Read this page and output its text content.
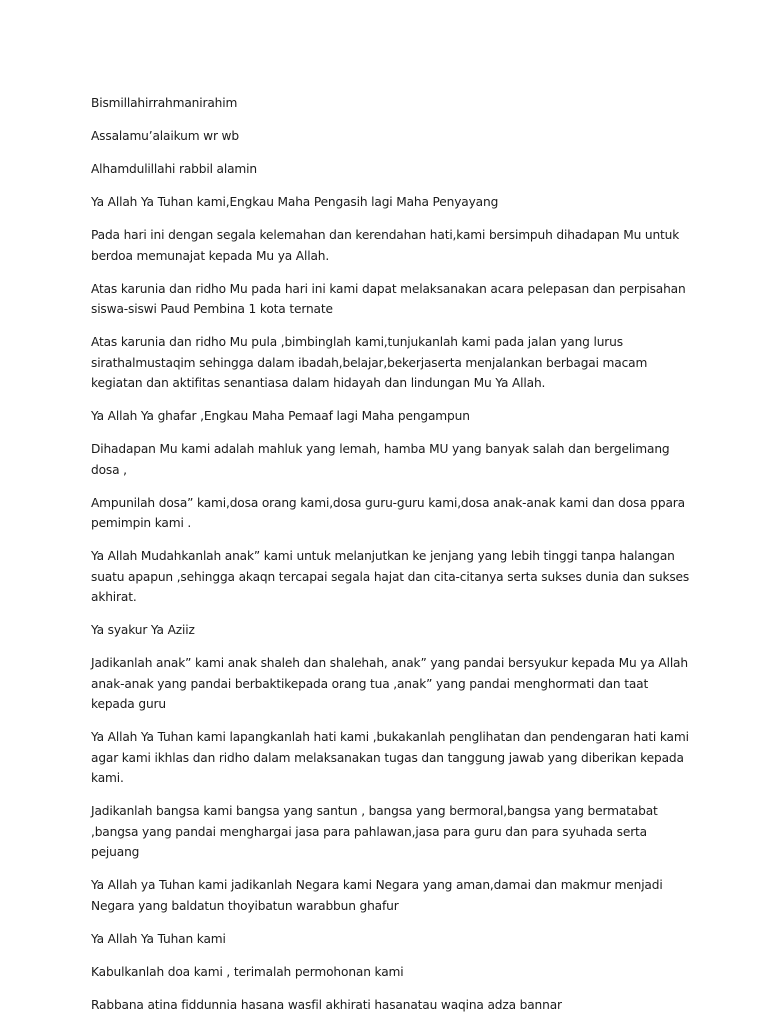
Bismillahirrahmanirahim

Assalamu’alaikum wr wb

Alhamdulillahi rabbil alamin

Ya Allah Ya Tuhan kami,Engkau Maha Pengasih lagi Maha Penyayang

Pada hari ini dengan segala kelemahan dan kerendahan hati,kami bersimpuh dihadapan Mu untuk berdoa memunajat kepada Mu ya Allah.

Atas karunia dan ridho Mu pada hari ini kami dapat melaksanakan acara pelepasan dan perpisahan siswa-siswi Paud Pembina 1 kota ternate

Atas karunia dan ridho Mu pula ,bimbinglah kami,tunjukanlah kami pada jalan yang lurus sirathalmustaqim sehingga dalam ibadah,belajar,bekerjaserta menjalankan berbagai macam kegiatan dan aktifitas senantiasa dalam hidayah dan lindungan Mu Ya Allah.

Ya Allah Ya ghafar ,Engkau Maha Pemaaf lagi Maha pengampun

Dihadapan Mu kami adalah mahluk yang lemah, hamba MU yang banyak salah dan bergelimang dosa ,

Ampunilah dosa” kami,dosa orang kami,dosa guru-guru kami,dosa anak-anak kami dan dosa ppara pemimpin kami .

Ya Allah Mudahkanlah anak” kami untuk melanjutkan ke jenjang yang lebih tinggi tanpa halangan suatu apapun ,sehingga akaqn tercapai segala hajat dan cita-citanya serta sukses dunia dan sukses akhirat.

Ya syakur Ya Aziiz

Jadikanlah anak” kami anak shaleh dan shalehah, anak” yang pandai bersyukur kepada Mu ya Allah anak-anak yang pandai berbaktikepada orang tua ,anak” yang pandai menghormati dan taat kepada guru

Ya Allah Ya Tuhan kami lapangkanlah hati kami ,bukakanlah penglihatan dan pendengaran hati kami agar kami ikhlas dan ridho dalam melaksanakan tugas dan tanggung jawab yang diberikan kepada kami.

Jadikanlah bangsa kami bangsa yang santun , bangsa yang bermoral,bangsa yang bermatabat ,bangsa yang pandai menghargai jasa para pahlawan,jasa para guru dan para syuhada serta pejuang

Ya Allah ya Tuhan kami jadikanlah Negara kami Negara yang aman,damai dan makmur menjadi Negara yang baldatun thoyibatun warabbun ghafur

Ya Allah Ya Tuhan kami

Kabulkanlah doa kami , terimalah permohonan kami

Rabbana atina fiddunnia hasana wasfil akhirati hasanatau waqina adza bannar
